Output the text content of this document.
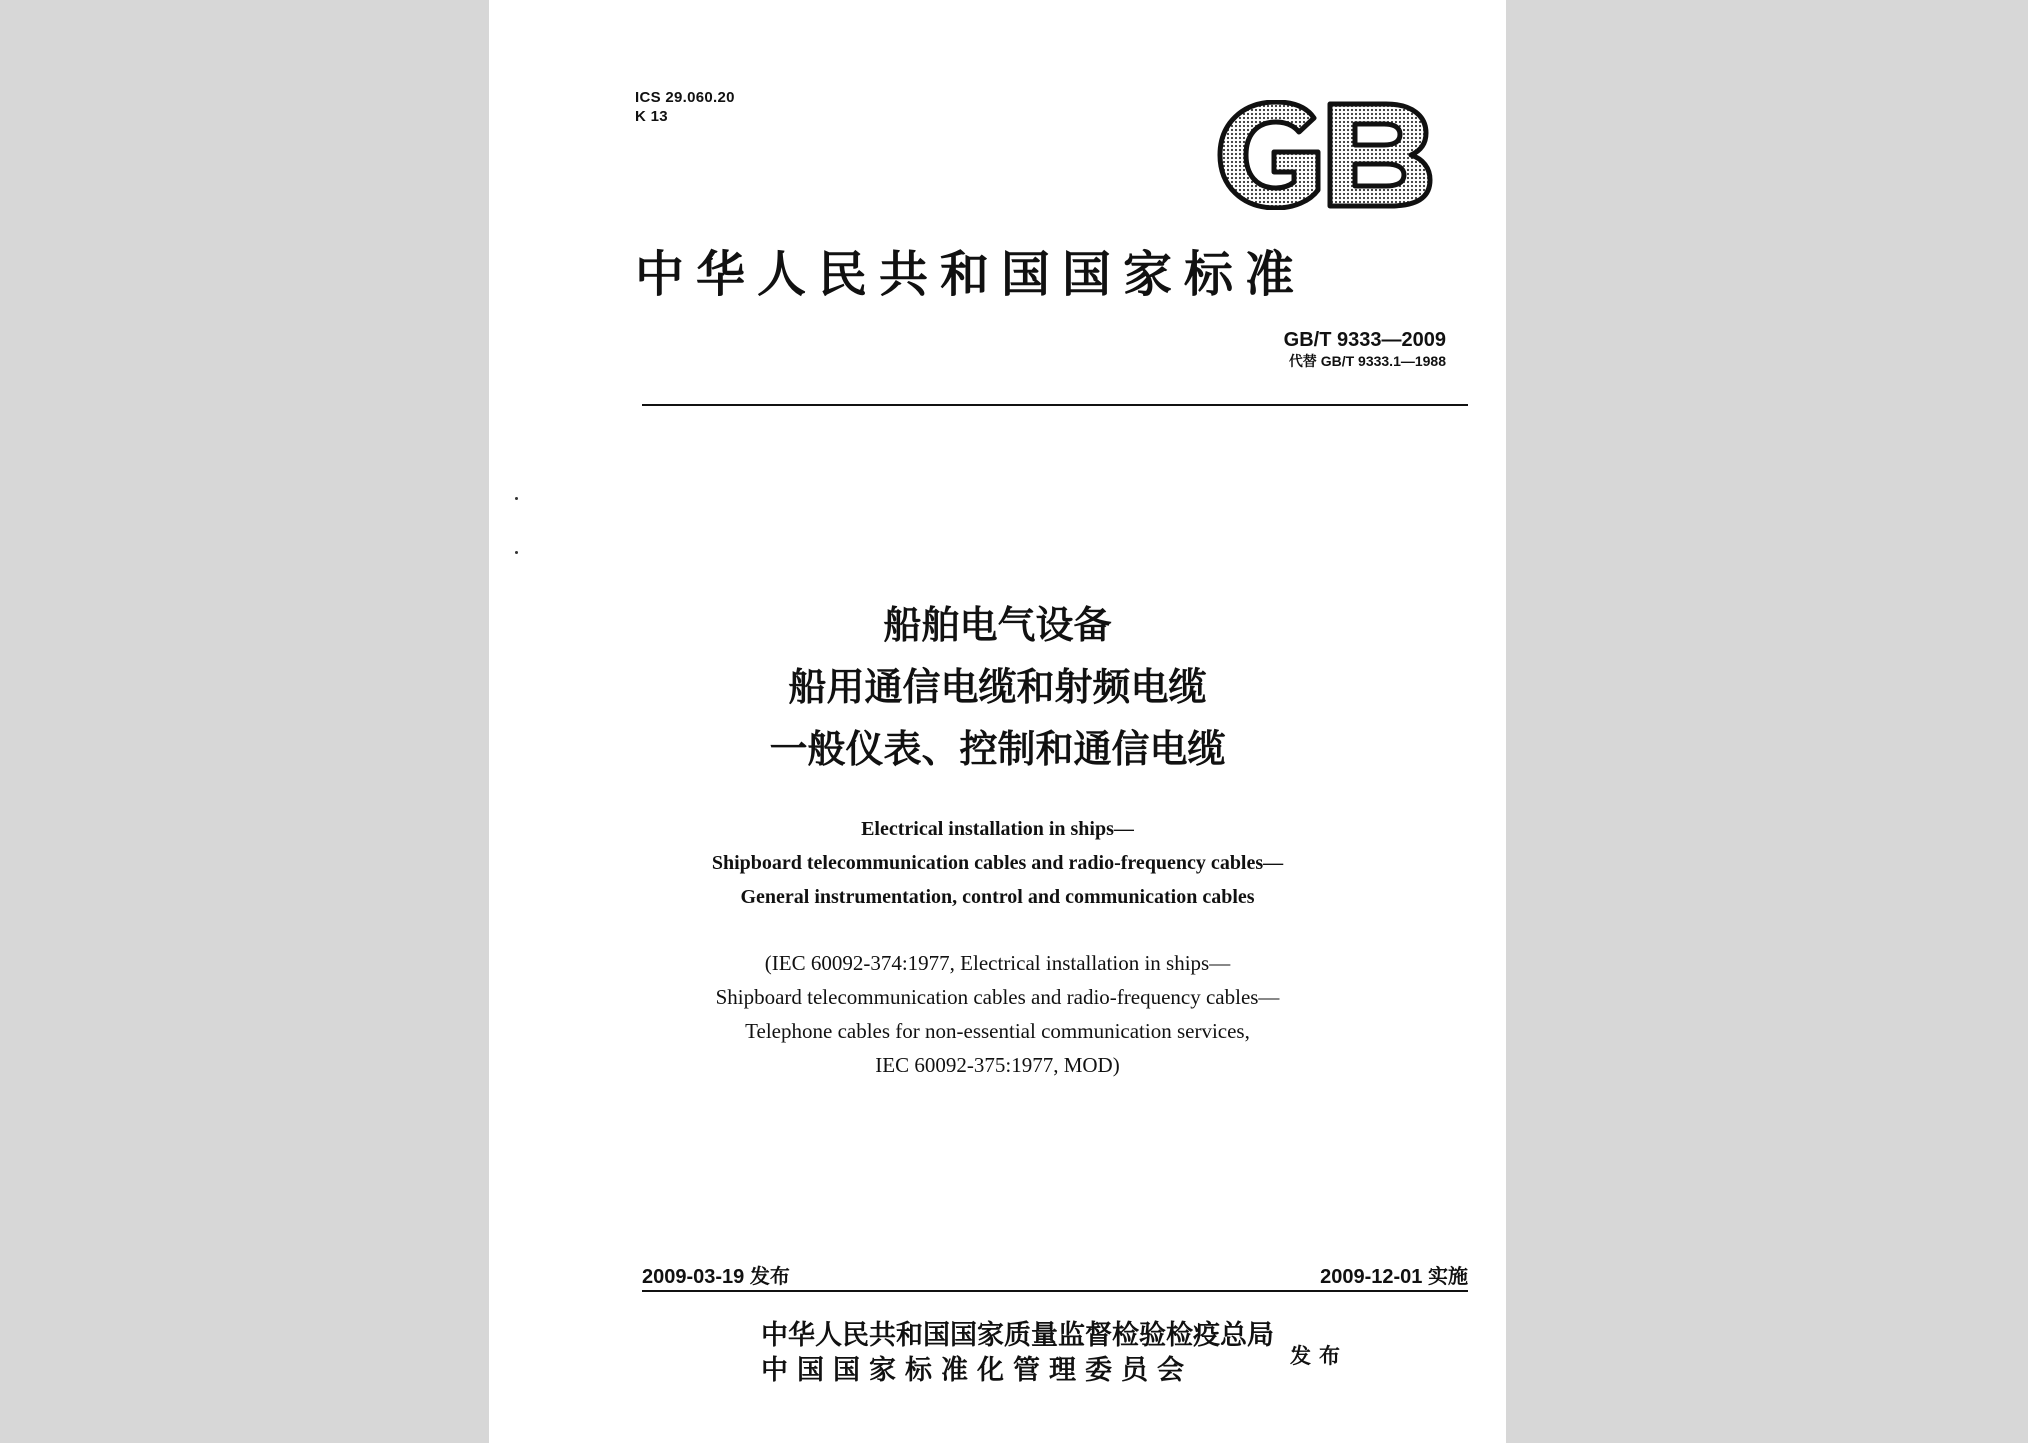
ICS 29.060.20
K 13
中华人民共和国国家标准
GB/T 9333—2009
代替 GB/T 9333.1—1988
船舶电气设备
船用通信电缆和射频电缆
一般仪表、控制和通信电缆
Electrical installation in ships—
Shipboard telecommunication cables and radio-frequency cables—
General instrumentation, control and communication cables
(IEC 60092-374:1977, Electrical installation in ships—
Shipboard telecommunication cables and radio-frequency cables—
Telephone cables for non-essential communication services,
IEC 60092-375:1977, MOD)
2009-03-19 发布	2009-12-01 实施
中华人民共和国国家质量监督检验检疫总局
中国国家标准化管理委员会	发布
